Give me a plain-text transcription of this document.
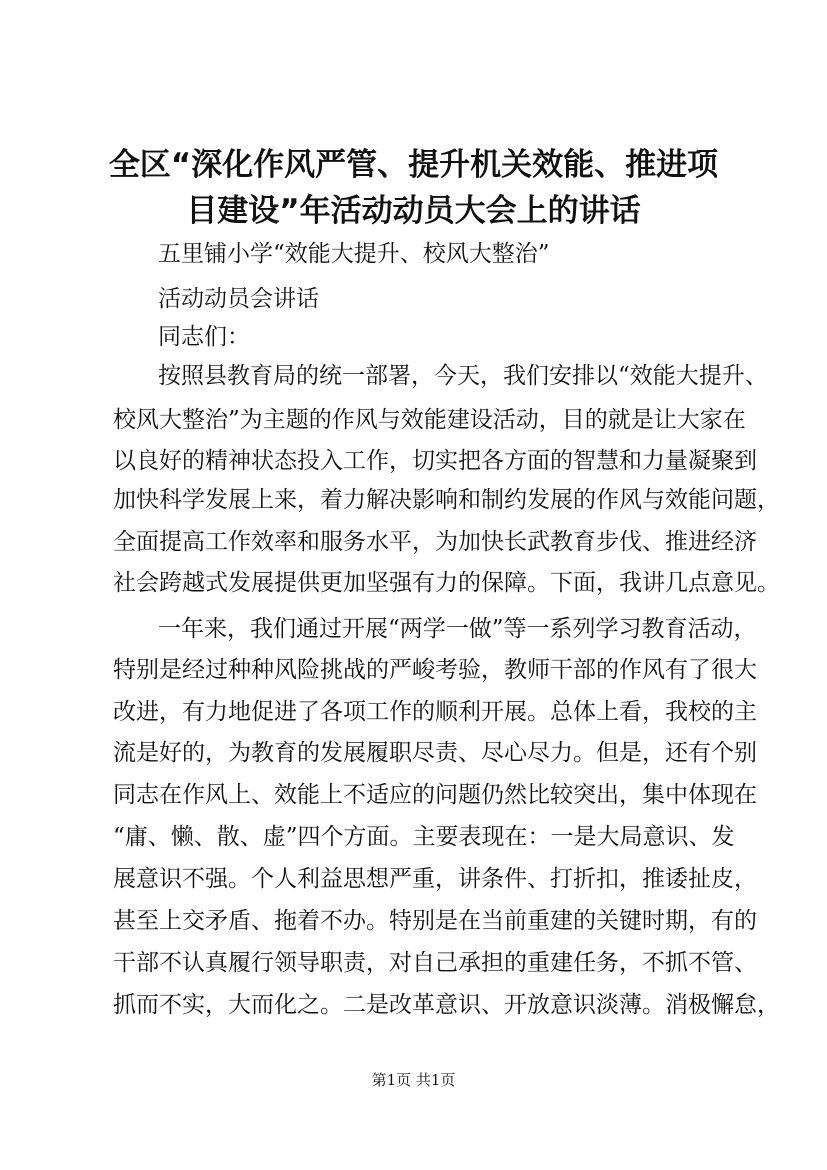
全区“深化作风严管、提升机关效能、推进项
目建设”年活动动员大会上的讲话
五里铺小学“效能大提升、校风大整治”
活动动员会讲话
同志们：
按照县教育局的统一部署，今天，我们安排以“效能大提升、
校风大整治”为主题的作风与效能建设活动，目的就是让大家在
以良好的精神状态投入工作，切实把各方面的智慧和力量凝聚到
加快科学发展上来，着力解决影响和制约发展的作风与效能问题，
全面提高工作效率和服务水平，为加快长武教育步伐、推进经济
社会跨越式发展提供更加坚强有力的保障。下面，我讲几点意见。
一年来，我们通过开展“两学一做”等一系列学习教育活动，
特别是经过种种风险挑战的严峻考验，教师干部的作风有了很大
改进，有力地促进了各项工作的顺利开展。总体上看，我校的主
流是好的，为教育的发展履职尽责、尽心尽力。但是，还有个别
同志在作风上、效能上不适应的问题仍然比较突出，集中体现在
“庸、懒、散、虚”四个方面。主要表现在：一是大局意识、发
展意识不强。个人利益思想严重，讲条件、打折扣，推诿扯皮，
甚至上交矛盾、拖着不办。特别是在当前重建的关键时期，有的
干部不认真履行领导职责，对自己承担的重建任务，不抓不管、
抓而不实，大而化之。二是改革意识、开放意识淡薄。消极懈怠，
第1页 共1页
